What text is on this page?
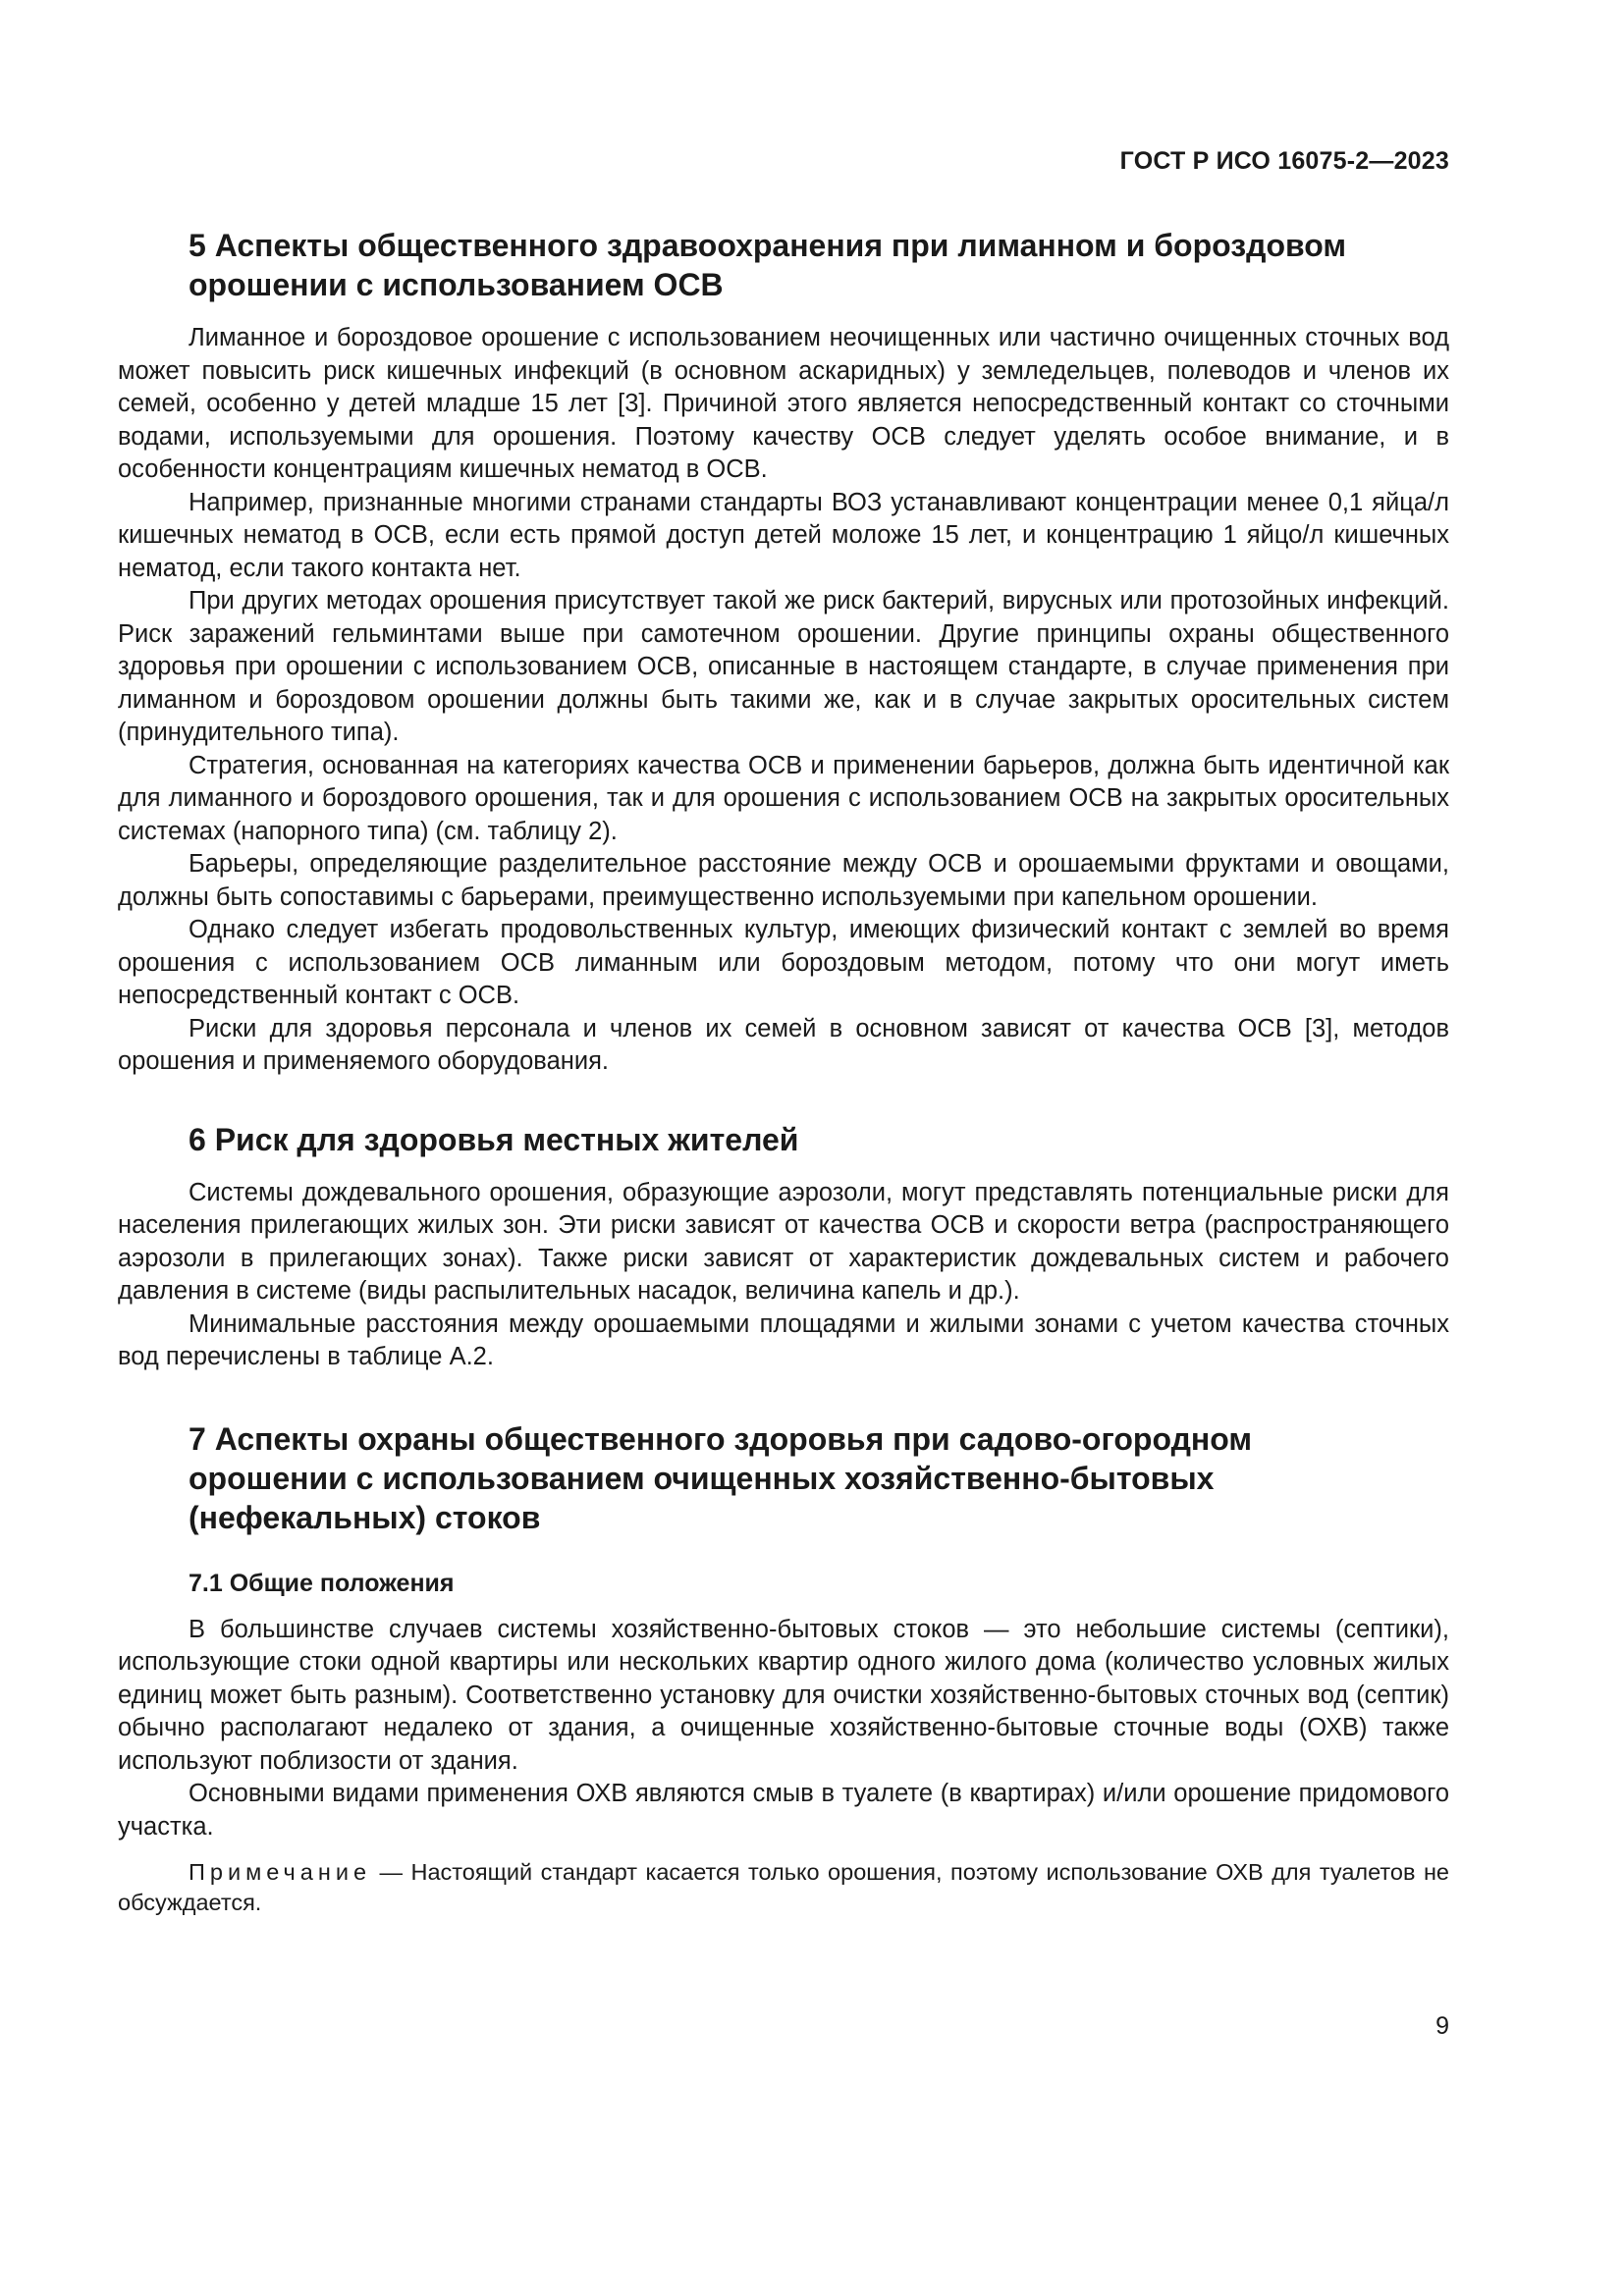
ГОСТ Р ИСО 16075-2—2023
5 Аспекты общественного здравоохранения при лиманном и бороздовом
орошении с использованием ОСВ

Лиманное и бороздовое орошение с использованием неочищенных или частично очищенных сточных вод может повысить риск кишечных инфекций (в основном аскаридных) у земледельцев, полеводов и членов их семей, особенно у детей младше 15 лет [3]. Причиной этого является непосредственный контакт со сточными водами, используемыми для орошения. Поэтому качеству ОСВ следует уделять особое внимание, и в особенности концентрациям кишечных нематод в ОСВ.

Например, признанные многими странами стандарты ВОЗ устанавливают концентрации менее 0,1 яйца/л кишечных нематод в ОСВ, если есть прямой доступ детей моложе 15 лет, и концентрацию 1 яйцо/л кишечных нематод, если такого контакта нет.

При других методах орошения присутствует такой же риск бактерий, вирусных или протозойных инфекций. Риск заражений гельминтами выше при самотечном орошении. Другие принципы охраны общественного здоровья при орошении с использованием ОСВ, описанные в настоящем стандарте, в случае применения при лиманном и бороздовом орошении должны быть такими же, как и в случае закрытых оросительных систем (принудительного типа).

Стратегия, основанная на категориях качества ОСВ и применении барьеров, должна быть идентичной как для лиманного и бороздового орошения, так и для орошения с использованием ОСВ на закрытых оросительных системах (напорного типа) (см. таблицу 2).

Барьеры, определяющие разделительное расстояние между ОСВ и орошаемыми фруктами и овощами, должны быть сопоставимы с барьерами, преимущественно используемыми при капельном орошении.

Однако следует избегать продовольственных культур, имеющих физический контакт с землей во время орошения с использованием ОСВ лиманным или бороздовым методом, потому что они могут иметь непосредственный контакт с ОСВ.

Риски для здоровья персонала и членов их семей в основном зависят от качества ОСВ [3], методов орошения и применяемого оборудования.

6 Риск для здоровья местных жителей

Системы дождевального орошения, образующие аэрозоли, могут представлять потенциальные риски для населения прилегающих жилых зон. Эти риски зависят от качества ОСВ и скорости ветра (распространяющего аэрозоли в прилегающих зонах). Также риски зависят от характеристик дождевальных систем и рабочего давления в системе (виды распылительных насадок, величина капель и др.).

Минимальные расстояния между орошаемыми площадями и жилыми зонами с учетом качества сточных вод перечислены в таблице А.2.

7 Аспекты охраны общественного здоровья при садово-огородном
орошении с использованием очищенных хозяйственно-бытовых
(нефекальных) стоков
7.1 Общие положения

В большинстве случаев системы хозяйственно-бытовых стоков — это небольшие системы (септики), использующие стоки одной квартиры или нескольких квартир одного жилого дома (количество условных жилых единиц может быть разным). Соответственно установку для очистки хозяйственно-бытовых сточных вод (септик) обычно располагают недалеко от здания, а очищенные хозяйственно-бытовые сточные воды (ОХВ) также используют поблизости от здания.

Основными видами применения ОХВ являются смыв в туалете (в квартирах) и/или орошение придомового участка.

Примечание — Настоящий стандарт касается только орошения, поэтому использование ОХВ для туалетов не обсуждается.

9
